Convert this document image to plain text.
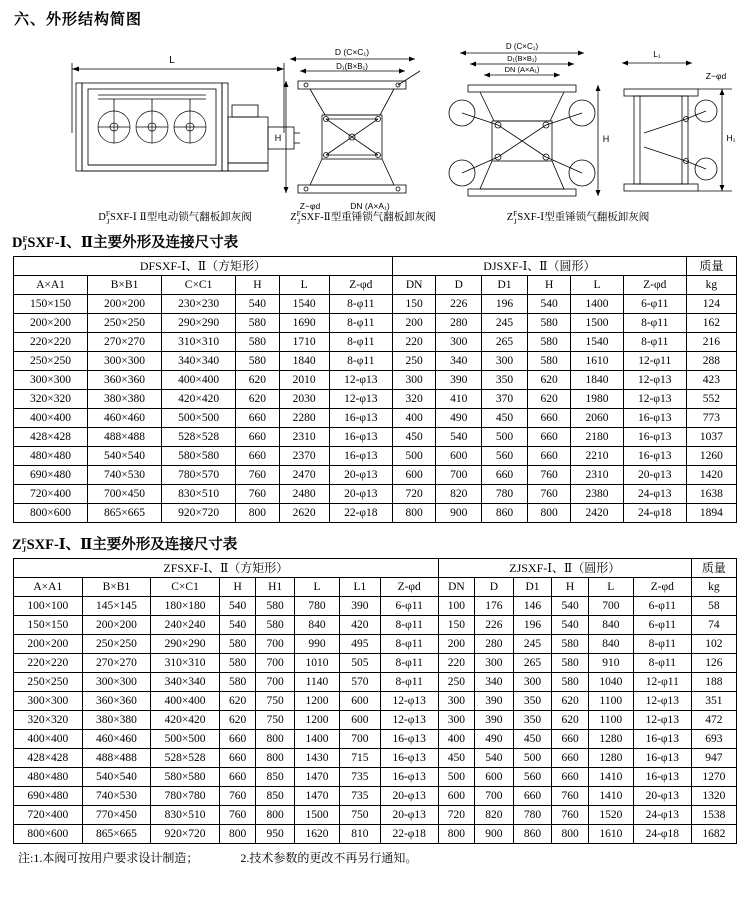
六、外形结构简图
L
D (C×C₁)
D₁(B×B₁)
H
Z−φd	DN (A×A₁)
D (C×C₁)
D₁(B×B₁)
DN (A×A₁)
H
L₁
Z−φd
H₁
DF
JSXF-Ⅰ Ⅱ型电动锁气翻板卸灰阀	ZF
JSXF-Ⅱ型重锤锁气翻板卸灰阀	ZF
JSXF-Ⅰ型重锤锁气翻板卸灰阀
DF
JSXF-Ⅰ、Ⅱ主要外形及连接尺寸表
DFSXF-Ⅰ、Ⅱ（方矩形）						DJSXF-Ⅰ、Ⅱ（圆形）						质量
A×A1	B×B1	C×C1	H	L	Z-φd	DN	D	D1	H	L	Z-φd	kg
150×150	200×200	230×230	540	1540	8-φ11	150	226	196	540	1400	6-φ11	124
200×200	250×250	290×290	580	1690	8-φ11	200	280	245	580	1500	8-φ11	162
220×220	270×270	310×310	580	1710	8-φ11	220	300	265	580	1540	8-φ11	216
250×250	300×300	340×340	580	1840	8-φ11	250	340	300	580	1610	12-φ11	288
300×300	360×360	400×400	620	2010	12-φ13	300	390	350	620	1840	12-φ13	423
320×320	380×380	420×420	620	2030	12-φ13	320	410	370	620	1980	12-φ13	552
400×400	460×460	500×500	660	2280	16-φ13	400	490	450	660	2060	16-φ13	773
428×428	488×488	528×528	660	2310	16-φ13	450	540	500	660	2180	16-φ13	1037
480×480	540×540	580×580	660	2370	16-φ13	500	600	560	660	2210	16-φ13	1260
690×480	740×530	780×570	760	2470	20-φ13	600	700	660	760	2310	20-φ13	1420
720×400	700×450	830×510	760	2480	20-φ13	720	820	780	760	2380	24-φ13	1638
800×600	865×665	920×720	800	2620	22-φ18	800	900	860	800	2420	24-φ18	1894
ZF
JSXF-Ⅰ、Ⅱ主要外形及连接尺寸表
ZFSXF-Ⅰ、Ⅱ（方矩形）								ZJSXF-Ⅰ、Ⅱ（圆形）						质量
A×A1	B×B1	C×C1	H	H1	L	L1	Z-φd	DN	D	D1	H	L	Z-φd	kg
100×100	145×145	180×180	540	580	780	390	6-φ11	100	176	146	540	700	6-φ11	58
150×150	200×200	240×240	540	580	840	420	8-φ11	150	226	196	540	840	6-φ11	74
200×200	250×250	290×290	580	700	990	495	8-φ11	200	280	245	580	840	8-φ11	102
220×220	270×270	310×310	580	700	1010	505	8-φ11	220	300	265	580	910	8-φ11	126
250×250	300×300	340×340	580	700	1140	570	8-φ11	250	340	300	580	1040	12-φ11	188
300×300	360×360	400×400	620	750	1200	600	12-φ13	300	390	350	620	1100	12-φ13	351
320×320	380×380	420×420	620	750	1200	600	12-φ13	300	390	350	620	1100	12-φ13	472
400×400	460×460	500×500	660	800	1400	700	16-φ13	400	490	450	660	1280	16-φ13	693
428×428	488×488	528×528	660	800	1430	715	16-φ13	450	540	500	660	1280	16-φ13	947
480×480	540×540	580×580	660	850	1470	735	16-φ13	500	600	560	660	1410	16-φ13	1270
690×480	740×530	780×780	760	850	1470	735	20-φ13	600	700	660	760	1410	20-φ13	1320
720×400	770×450	830×510	760	800	1500	750	20-φ13	720	820	780	760	1520	24-φ13	1538
800×600	865×665	920×720	800	950	1620	810	22-φ18	800	900	860	800	1610	24-φ18	1682
注:1.本阀可按用户要求设计制造；	2.技术参数的更改不再另行通知。
